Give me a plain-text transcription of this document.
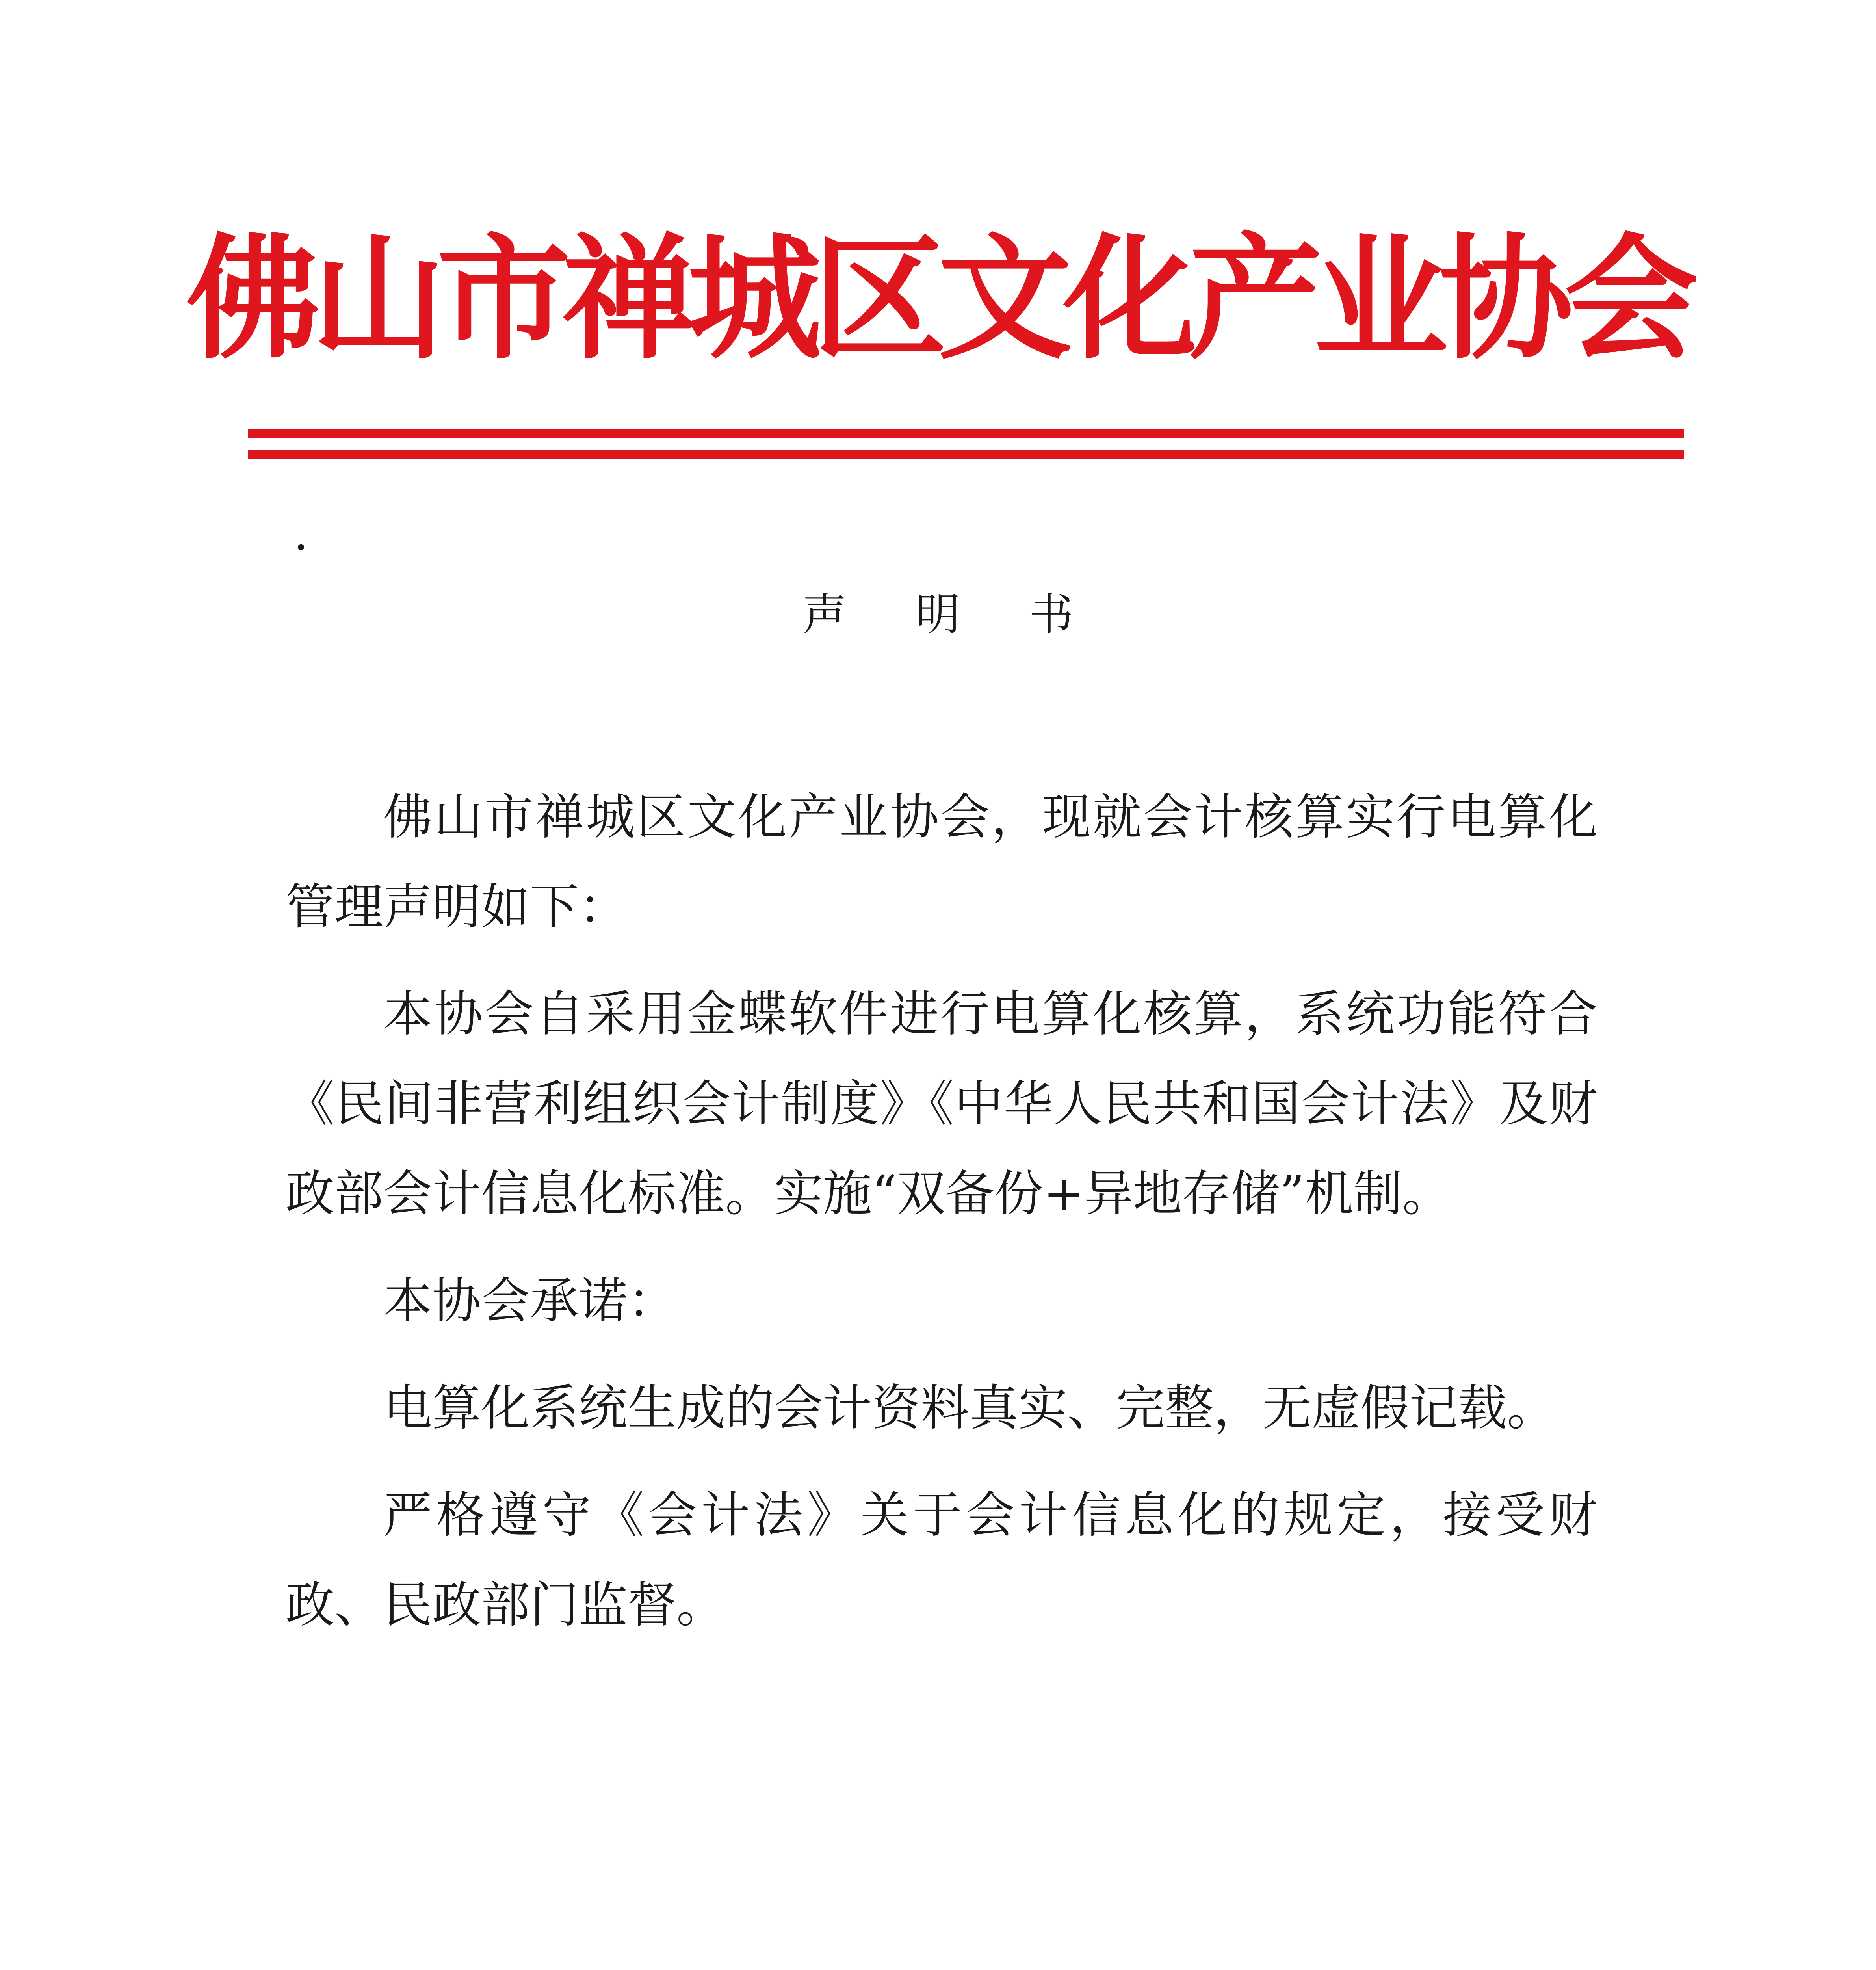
佛山市禅城区文化产业协会
.
声 明 书

佛山市禅城区文化产业协会，现就会计核算实行电算化管理声明如下：

本协会自采用金蝶软件进行电算化核算，系统功能符合《民间非营利组织会计制度》《中华人民共和国会计法》及财政部会计信息化标准。实施“双备份+异地存储”机制。

本协会承诺：

电算化系统生成的会计资料真实、完整，无虚假记载。

严格遵守《会计法》关于会计信息化的规定，接受财政、民政部门监督。
